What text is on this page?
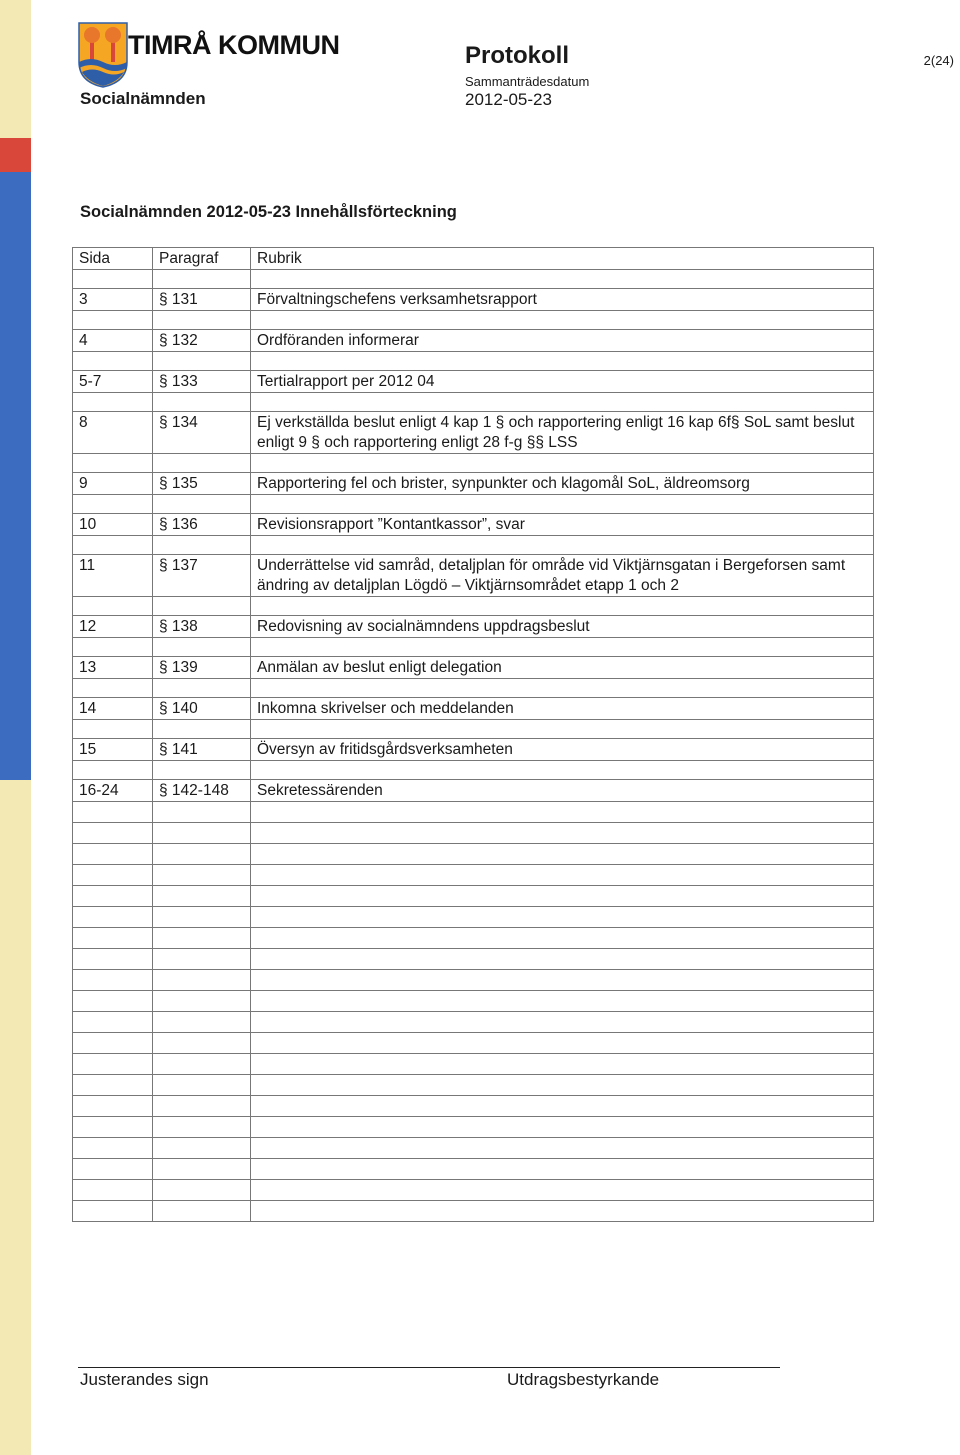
TIMRÅ KOMMUN
Socialnämnden
Protokoll
Sammanträdesdatum
2012-05-23
2(24)
Socialnämnden 2012-05-23 Innehållsförteckning
Sida	Paragraf	Rubrik

3	§ 131	Förvaltningschefens verksamhetsrapport

4	§ 132	Ordföranden informerar

5-7	§ 133	Tertialrapport per 2012 04

8	§ 134	Ej verkställda beslut enligt 4 kap 1 § och rapportering enligt 16 kap 6f§ SoL samt beslut enligt 9 § och rapportering enligt 28 f-g §§ LSS

9	§ 135	Rapportering fel och brister, synpunkter och klagomål SoL, äldreomsorg

10	§ 136	Revisionsrapport ”Kontantkassor”, svar

11	§ 137	Underrättelse vid samråd, detaljplan för område vid Viktjärnsgatan i Bergeforsen samt ändring av detaljplan Lögdö – Viktjärnsområdet etapp 1 och 2

12	§ 138	Redovisning av socialnämndens uppdragsbeslut

13	§ 139	Anmälan av beslut enligt delegation

14	§ 140	Inkomna skrivelser och meddelanden

15	§ 141	Översyn av fritidsgårdsverksamheten

16-24	§ 142-148	Sekretessärenden

Justerandes sign	Utdragsbestyrkande
